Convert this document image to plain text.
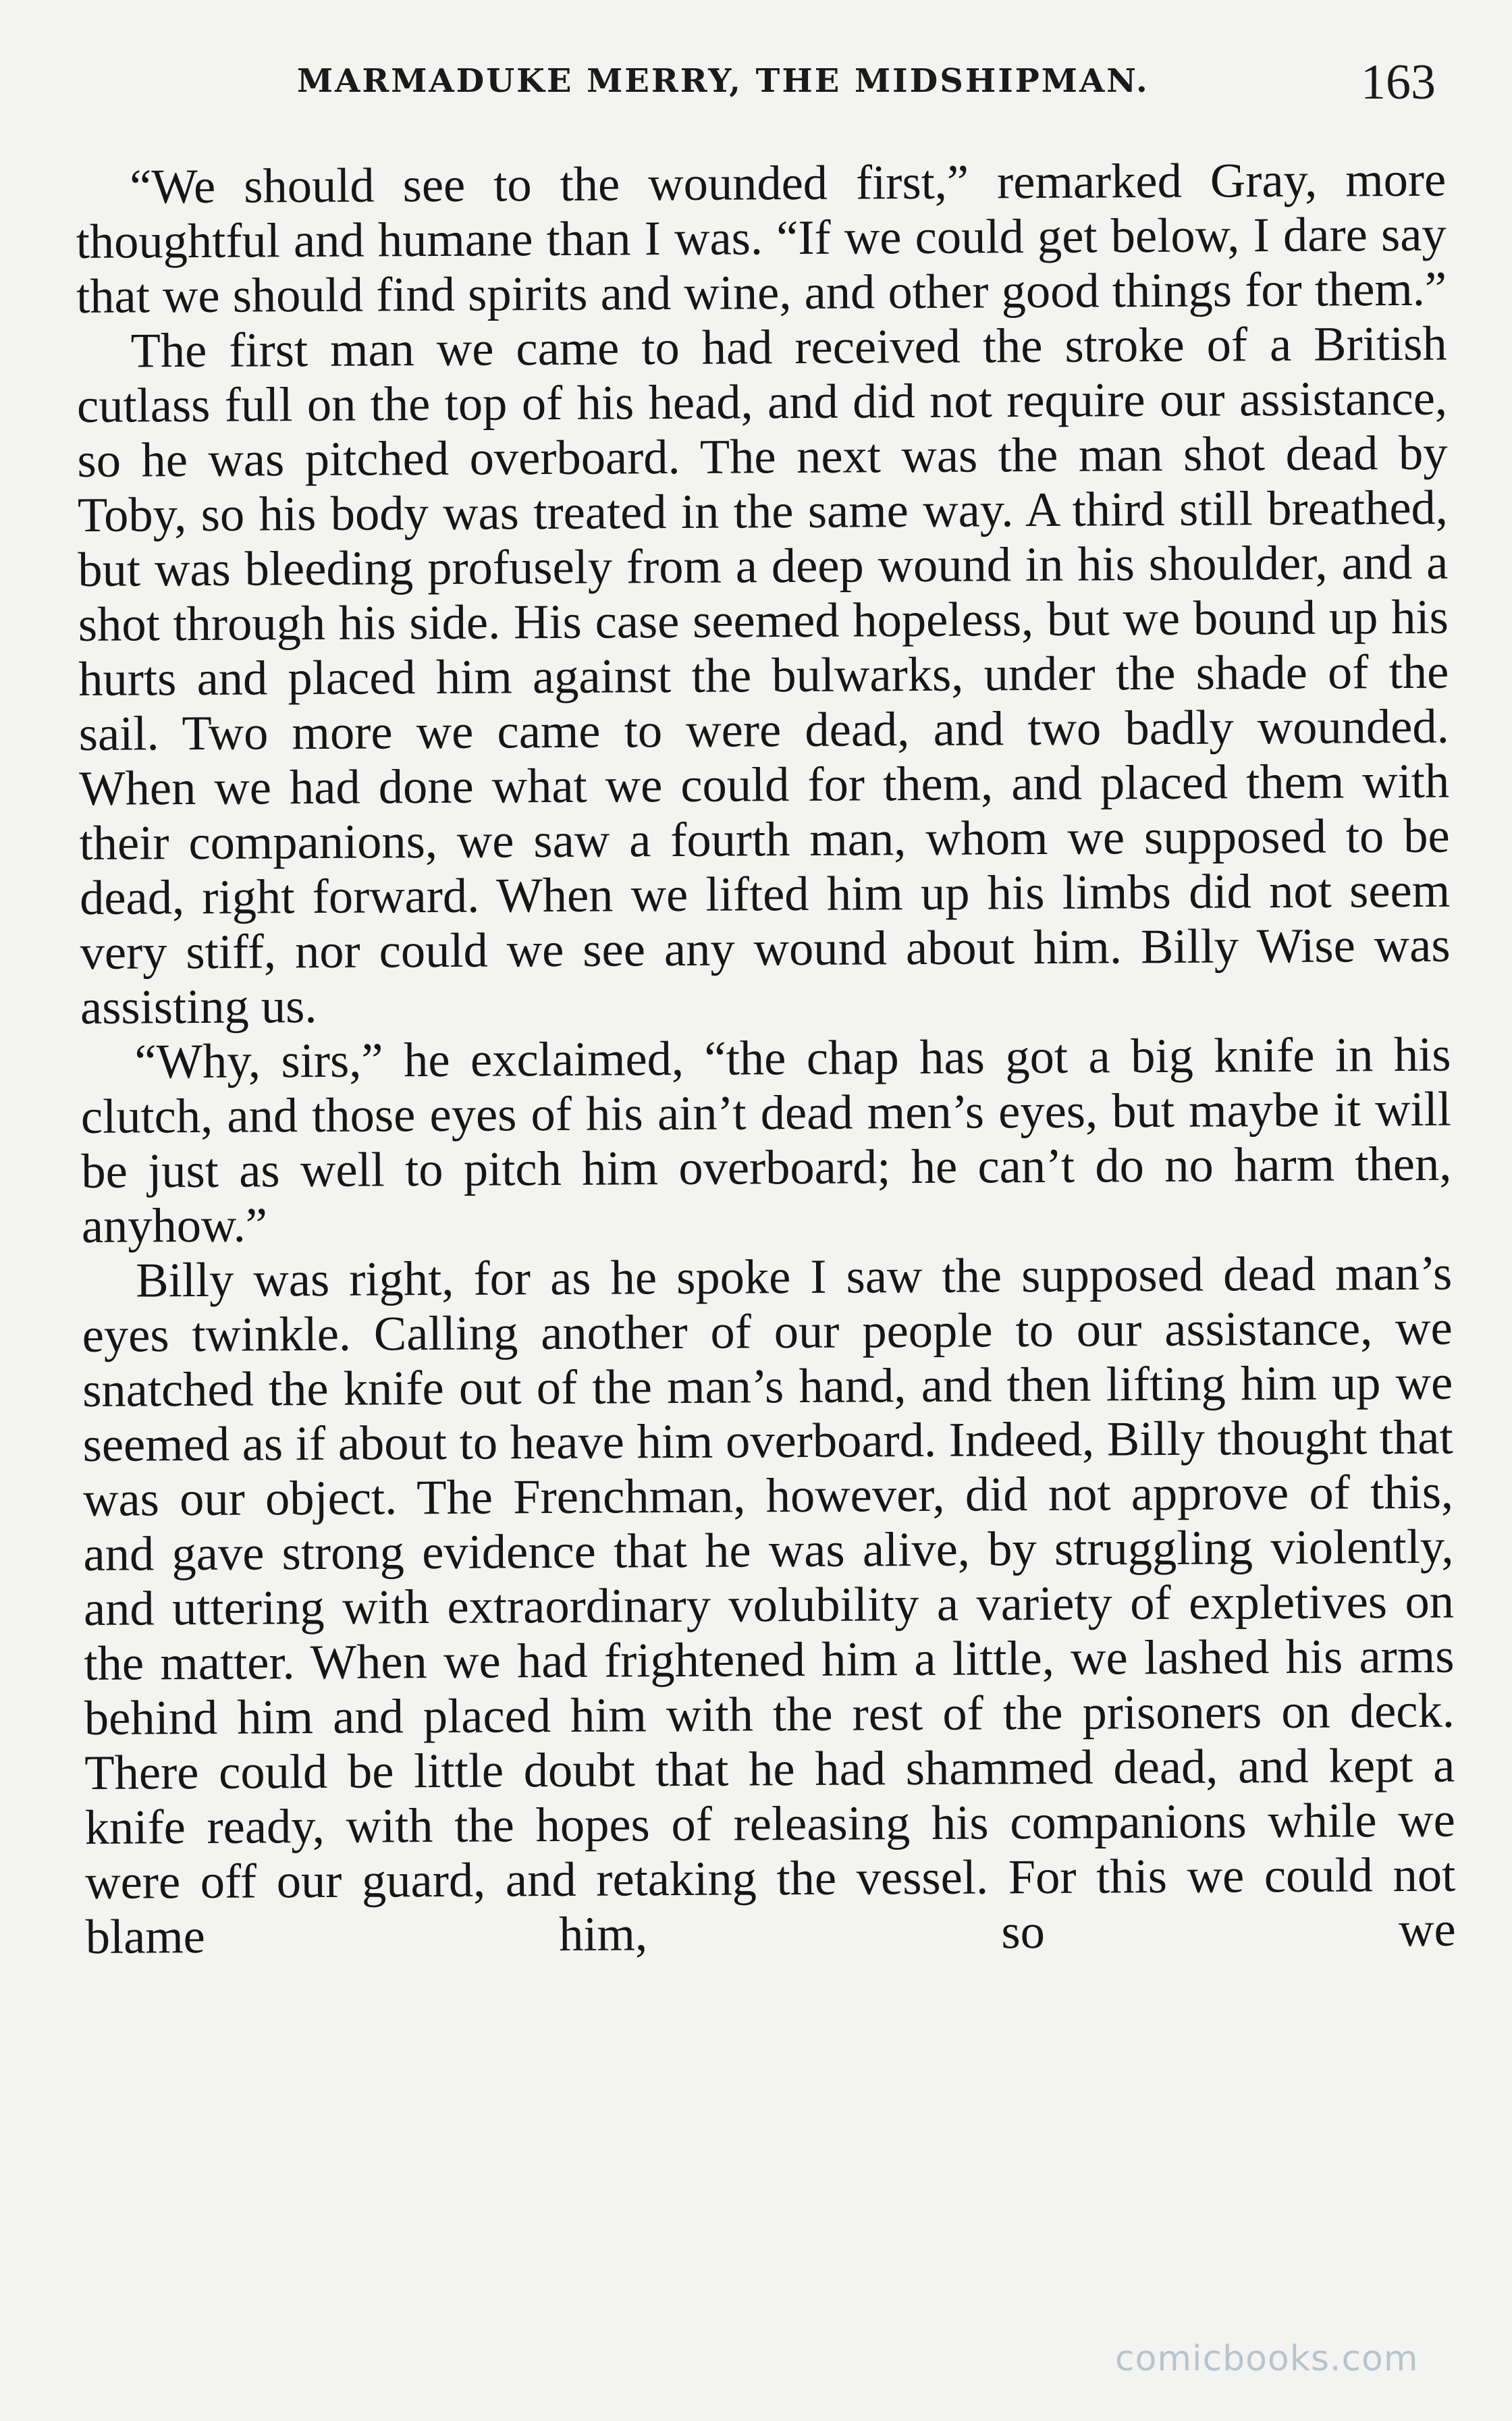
MARMADUKE MERRY, THE MIDSHIPMAN.	163

“We should see to the wounded first,” remarked Gray, more thoughtful and humane than I was. “If we could get below, I dare say that we should find spirits and wine, and other good things for them.”

The first man we came to had received the stroke of a British cutlass full on the top of his head, and did not require our assistance, so he was pitched overboard. The next was the man shot dead by Toby, so his body was treated in the same way. A third still breathed, but was bleeding profusely from a deep wound in his shoulder, and a shot through his side. His case seemed hopeless, but we bound up his hurts and placed him against the bulwarks, under the shade of the sail. Two more we came to were dead, and two badly wounded. When we had done what we could for them, and placed them with their companions, we saw a fourth man, whom we supposed to be dead, right forward. When we lifted him up his limbs did not seem very stiff, nor could we see any wound about him. Billy Wise was assisting us.

“Why, sirs,” he exclaimed, “the chap has got a big knife in his clutch, and those eyes of his ain’t dead men’s eyes, but maybe it will be just as well to pitch him overboard; he can’t do no harm then, anyhow.”

Billy was right, for as he spoke I saw the supposed dead man’s eyes twinkle. Calling another of our people to our assistance, we snatched the knife out of the man’s hand, and then lifting him up we seemed as if about to heave him overboard. Indeed, Billy thought that was our object. The Frenchman, however, did not approve of this, and gave strong evidence that he was alive, by struggling violently, and uttering with extraordinary volubility a variety of expletives on the matter. When we had frightened him a little, we lashed his arms behind him and placed him with the rest of the prisoners on deck. There could be little doubt that he had shammed dead, and kept a knife ready, with the hopes of releasing his companions while we were off our guard, and retaking the vessel. For this we could not blame him, so we

comicbooks.com
